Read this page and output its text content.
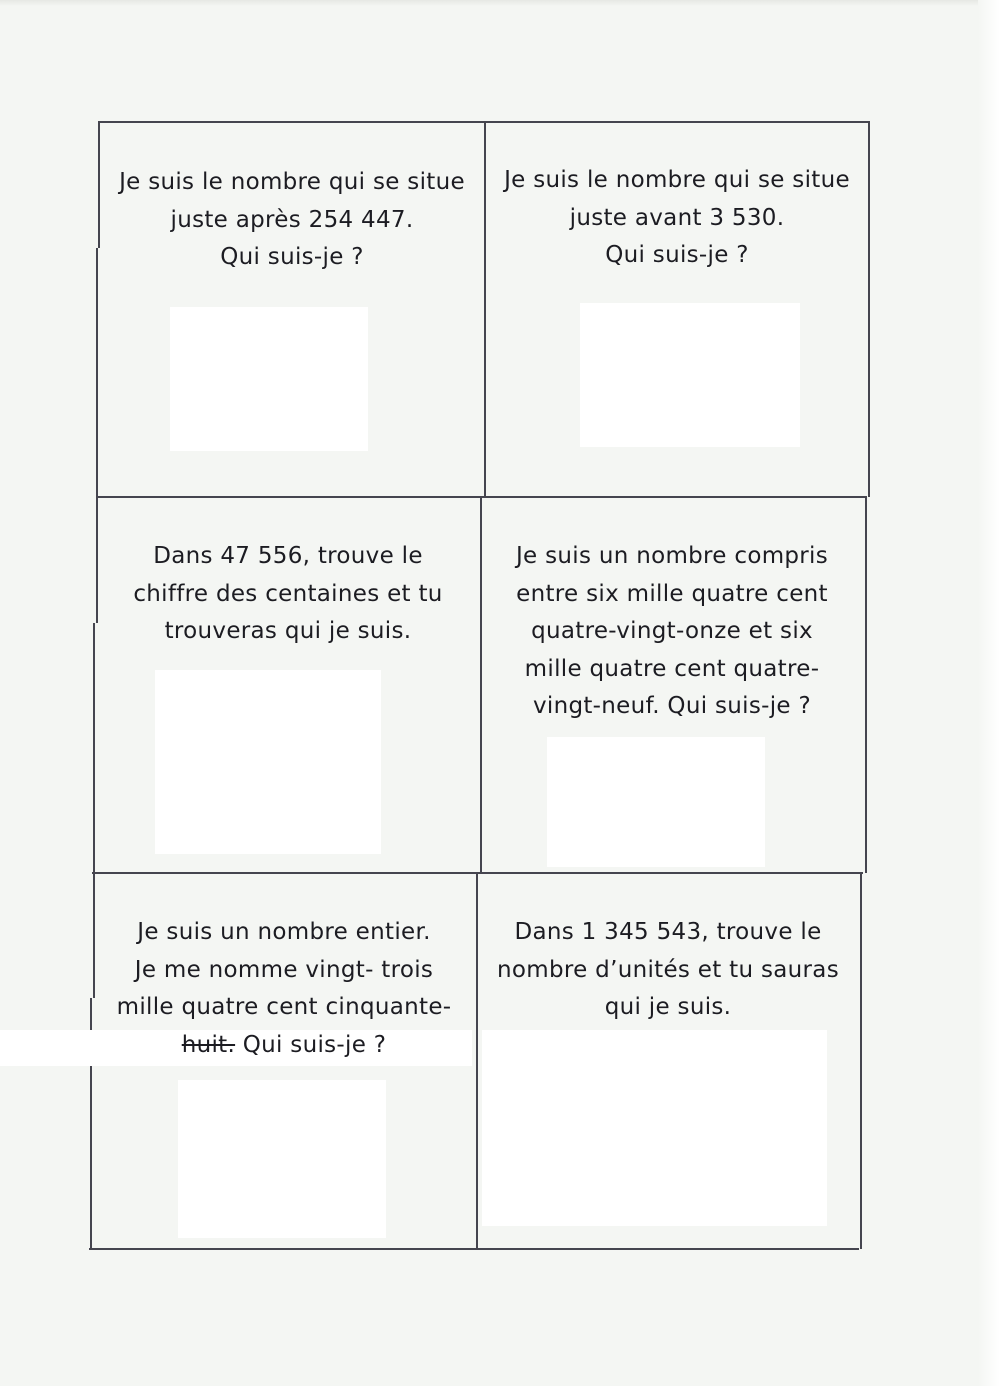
Je suis le nombre qui se situe
juste après 254 447.
Qui suis-je ?
Je suis le nombre qui se situe
juste avant 3 530.
Qui suis-je ?
Dans 47 556, trouve le
chiffre des centaines et tu
trouveras qui je suis.
Je suis un nombre compris
entre six mille quatre cent
quatre-vingt-onze et six
mille quatre cent quatre-
vingt-neuf. Qui suis-je ?
Je suis un nombre entier.
Je me nomme vingt- trois
mille quatre cent cinquante-
huit. Qui suis-je ?
Dans 1 345 543, trouve le
nombre d’unités et tu sauras
qui je suis.
